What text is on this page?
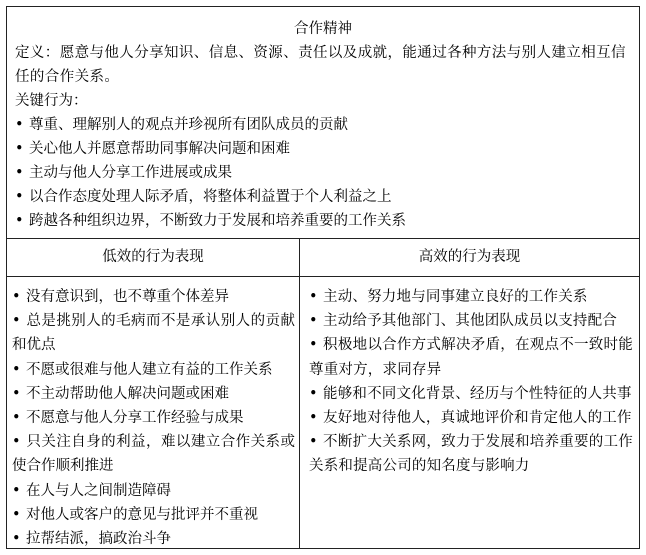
合作精神
定义：愿意与他人分享知识、信息、资源、责任以及成就，能通过各种方法与别人建立相互信任的合作关系。
关键行为：
• 尊重、理解别人的观点并珍视所有团队成员的贡献
• 关心他人并愿意帮助同事解决问题和困难
• 主动与他人分享工作进展或成果
• 以合作态度处理人际矛盾，将整体利益置于个人利益之上
• 跨越各种组织边界，不断致力于发展和培养重要的工作关系
低效的行为表现	高效的行为表现
• 没有意识到，也不尊重个体差异
• 总是挑别人的毛病而不是承认别人的贡献和优点
• 不愿或很难与他人建立有益的工作关系
• 不主动帮助他人解决问题或困难
• 不愿意与他人分享工作经验与成果
• 只关注自身的利益，难以建立合作关系或使合作顺利推进
• 在人与人之间制造障碍
• 对他人或客户的意见与批评并不重视
• 拉帮结派，搞政治斗争
• 主动、努力地与同事建立良好的工作关系
• 主动给予其他部门、其他团队成员以支持配合
• 积极地以合作方式解决矛盾，在观点不一致时能尊重对方，求同存异
• 能够和不同文化背景、经历与个性特征的人共事
• 友好地对待他人，真诚地评价和肯定他人的工作
• 不断扩大关系网，致力于发展和培养重要的工作关系和提高公司的知名度与影响力
